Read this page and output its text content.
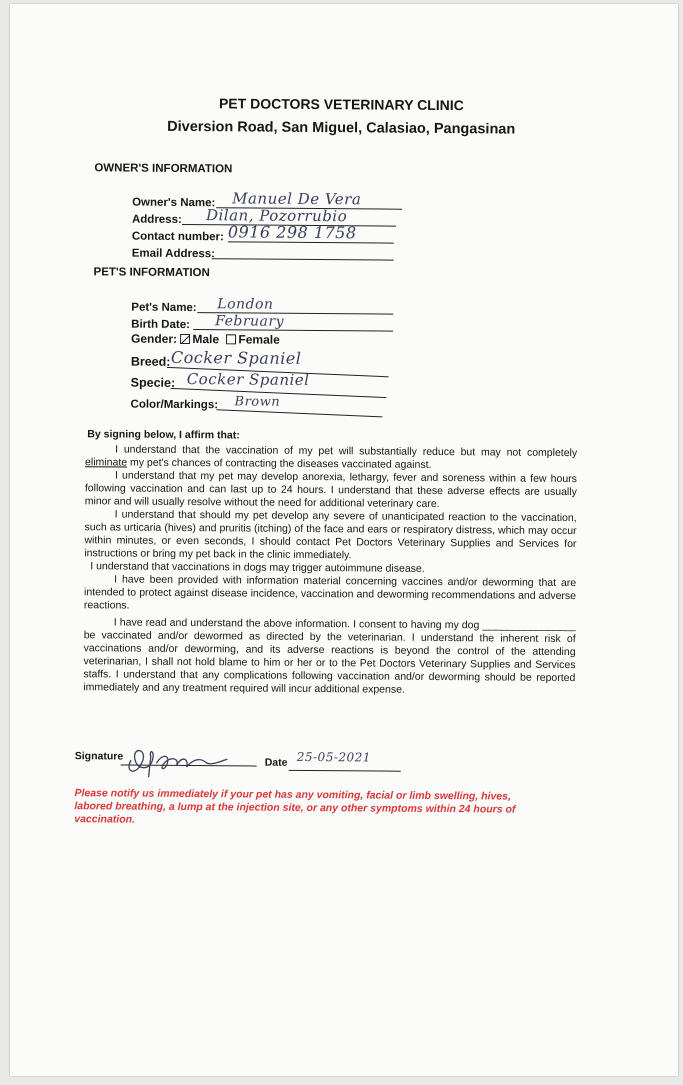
PET DOCTORS VETERINARY CLINIC
Diversion Road, San Miguel, Calasiao, Pangasinan
OWNER'S INFORMATION
Owner's Name: Manuel De Vera
Address: Dilan, Pozorrubio
Contact number: 0916 298 1758
Email Address:
PET'S INFORMATION
Pet's Name: London
Birth Date: February
Gender: Male Female
Breed: Cocker Spaniel
Specie: Cocker Spaniel
Color/Markings: Brown
By signing below, I affirm that:

I understand that the vaccination of my pet will substantially reduce but may not completely eliminate my pet's chances of contracting the diseases vaccinated against.

I understand that my pet may develop anorexia, lethargy, fever and soreness within a few hours following vaccination and can last up to 24 hours. I understand that these adverse effects are usually minor and will usually resolve without the need for additional veterinary care.

I understand that should my pet develop any severe of unanticipated reaction to the vaccination, such as urticaria (hives) and pruritis (itching) of the face and ears or respiratory distress, which may occur within minutes, or even seconds, I should contact Pet Doctors Veterinary Supplies and Services for instructions or bring my pet back in the clinic immediately.

I understand that vaccinations in dogs may trigger autoimmune disease.

I have been provided with information material concerning vaccines and/or deworming that are intended to protect against disease incidence, vaccination and deworming recommendations and adverse reactions.

I have read and understand the above information. I consent to having my dog ________________ be vaccinated and/or dewormed as directed by the veterinarian. I understand the inherent risk of vaccinations and/or deworming, and its adverse reactions is beyond the control of the attending veterinarian, I shall not hold blame to him or her or to the Pet Doctors Veterinary Supplies and Services staffs. I understand that any complications following vaccination and/or deworming should be reported immediately and any treatment required will incur additional expense.

Signature
Date 25-05-2021
Please notify us immediately if your pet has any vomiting, facial or limb swelling, hives, labored breathing, a lump at the injection site, or any other symptoms within 24 hours of vaccination.
